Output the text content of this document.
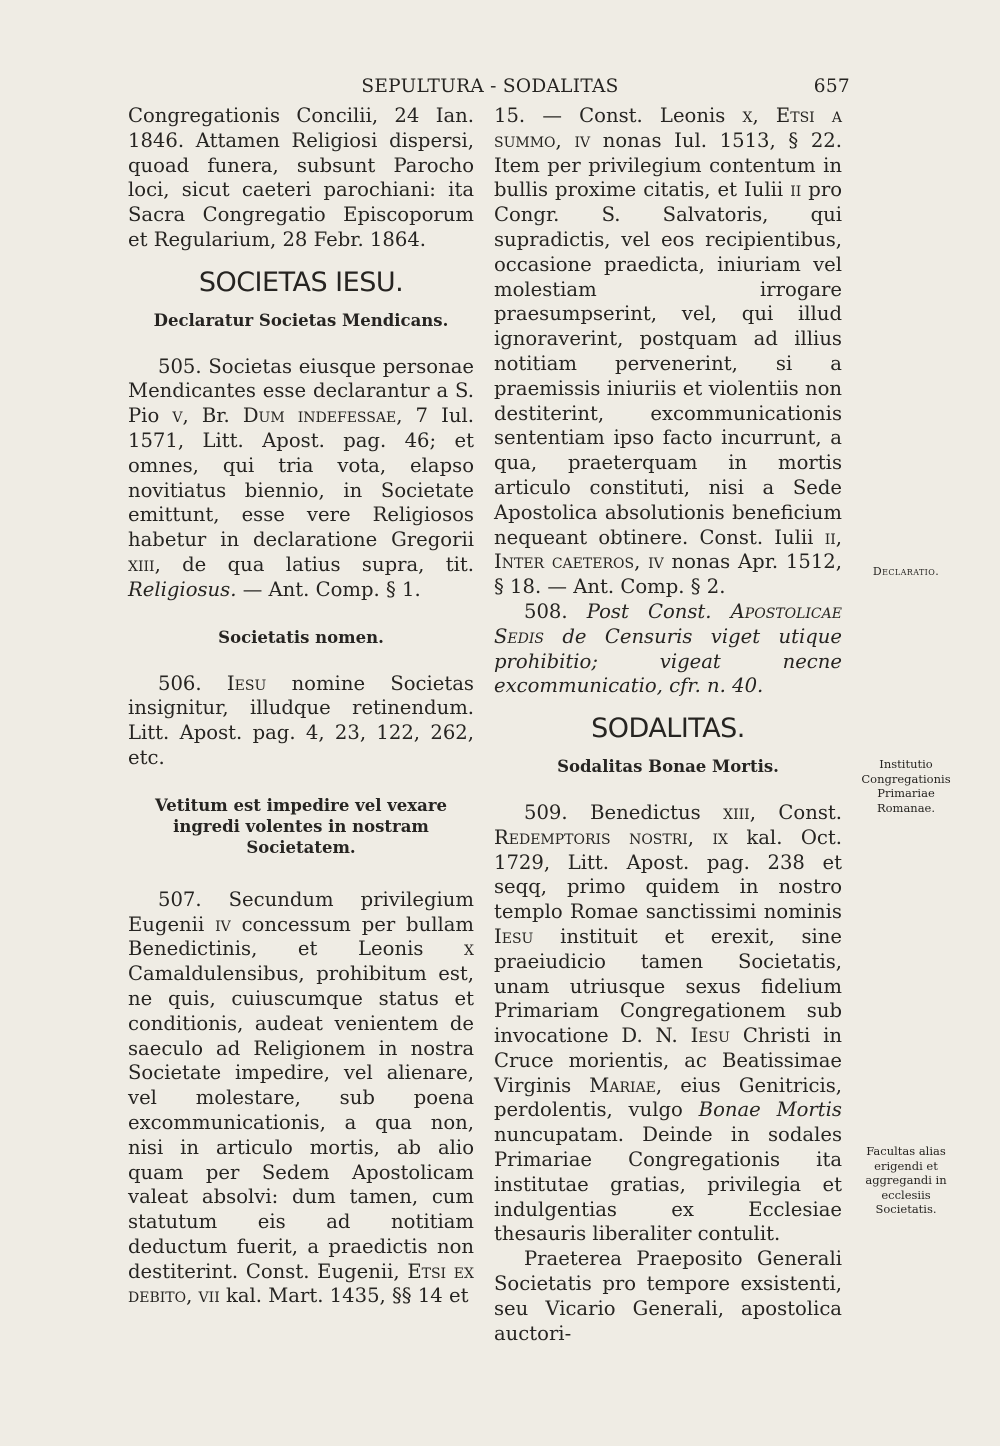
SEPULTURA - SODALITAS	657

Congregationis Concilii, 24 Ian. 1846. Attamen Religiosi dispersi, quoad funera, subsunt Parocho loci, sicut caeteri parochiani: ita Sacra Congregatio Episcoporum et Regularium, 28 Febr. 1864.

SOCIETAS IESU.
Declaratur Societas Mendicans.

505. Societas eiusque personae Mendicantes esse declarantur a S. Pio v, Br. Dum indefessae, 7 Iul. 1571, Litt. Apost. pag. 46; et omnes, qui tria vota, elapso novitiatus biennio, in Societate emittunt, esse vere Religiosos habetur in declaratione Gregorii xiii, de qua latius supra, tit. Religiosus. — Ant. Comp. § 1.

Societatis nomen.

506. Iesu nomine Societas insignitur, illudque retinendum. Litt. Apost. pag. 4, 23, 122, 262, etc.

Vetitum est impedire vel vexare ingredi volentes in nostram Societatem.

507. Secundum privilegium Eugenii iv concessum per bullam Benedictinis, et Leonis x Camaldulensibus, prohibitum est, ne quis, cuiuscumque status et conditionis, audeat venientem de saeculo ad Religionem in nostra Societate impedire, vel alienare, vel molestare, sub poena excommunicationis, a qua non, nisi in articulo mortis, ab alio quam per Sedem Apostolicam valeat absolvi: dum tamen, cum statutum eis ad notitiam deductum fuerit, a praedictis non destiterint. Const. Eugenii, Etsi ex debito, vii kal. Mart. 1435, §§ 14 et

15. — Const. Leonis x, Etsi a summo, iv nonas Iul. 1513, § 22. Item per privilegium contentum in bullis proxime citatis, et Iulii ii pro Congr. S. Salvatoris, qui supradictis, vel eos recipientibus, occasione praedicta, iniuriam vel molestiam irrogare praesumpserint, vel, qui illud ignoraverint, postquam ad illius notitiam pervenerint, si a praemissis iniuriis et violentiis non destiterint, excommunicationis sententiam ipso facto incurrunt, a qua, praeterquam in mortis articulo constituti, nisi a Sede Apostolica absolutionis beneficium nequeant obtinere. Const. Iulii ii, Inter caeteros, iv nonas Apr. 1512, § 18. — Ant. Comp. § 2.

508. Post Const. Apostolicae Sedis de Censuris viget utique prohibitio; vigeat necne excommunicatio, cfr. n. 40.

SODALITAS.
Sodalitas Bonae Mortis.

509. Benedictus xiii, Const. Redemptoris nostri, ix kal. Oct. 1729, Litt. Apost. pag. 238 et seqq, primo quidem in nostro templo Romae sanctissimi nominis Iesu instituit et erexit, sine praeiudicio tamen Societatis, unam utriusque sexus fidelium Primariam Congregationem sub invocatione D. N. Iesu Christi in Cruce morientis, ac Beatissimae Virginis Mariae, eius Genitricis, perdolentis, vulgo Bonae Mortis nuncupatam. Deinde in sodales Primariae Congregationis ita institutae gratias, privilegia et indulgentias ex Ecclesiae thesauris liberaliter contulit.

Praeterea Praeposito Generali Societatis pro tempore exsistenti, seu Vicario Generali, apostolica auctori-

Declaratio.
Institutio Congregationis Primariae Romanae.
Facultas alias erigendi et aggregandi in ecclesiis Societatis.
